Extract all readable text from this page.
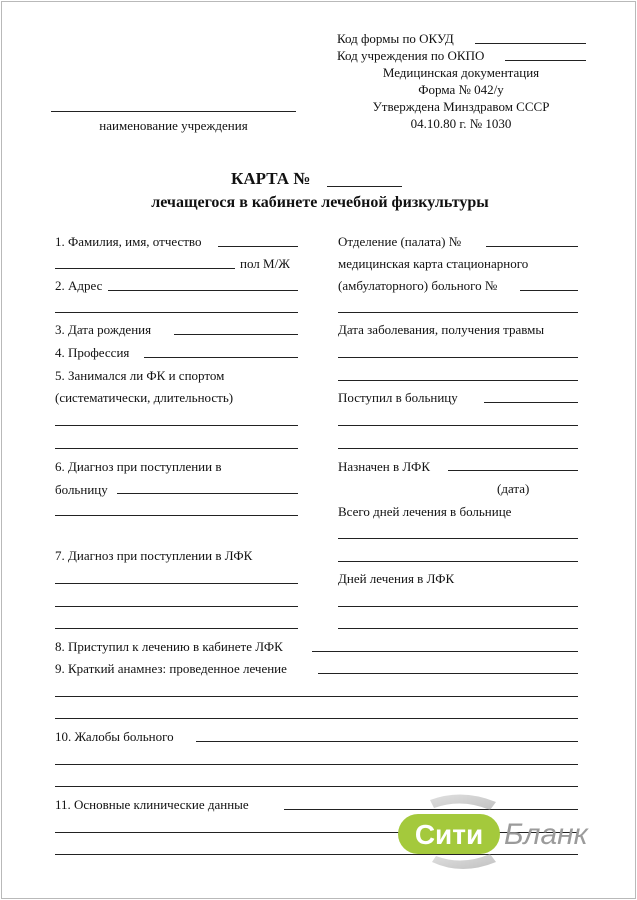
Код формы по ОКУД
Код учреждения по ОКПО
Медицинская документация
Форма № 042/у
Утверждена Минздравом СССР
04.10.80 г. № 1030
наименование учреждения
КАРТА №
лечащегося в кабинете лечебной физкультуры
1. Фамилия, имя, отчество
пол М/Ж
2. Адрес
3. Дата рождения
4. Профессия
5. Занимался ли ФК и спортом
(систематически, длительность)
6. Диагноз при поступлении в
больницу
7. Диагноз при поступлении в ЛФК
Отделение (палата) №
медицинская карта стационарного
(амбулаторного) больного №
Дата заболевания, получения травмы
Поступил в больницу
Назначен в ЛФК
(дата)
Всего дней лечения в больнице
Дней лечения в ЛФК
8. Приступил к лечению в кабинете ЛФК
9. Краткий анамнез: проведенное лечение
10. Жалобы больного
11. Основные клинические данные
Сити Бланк
